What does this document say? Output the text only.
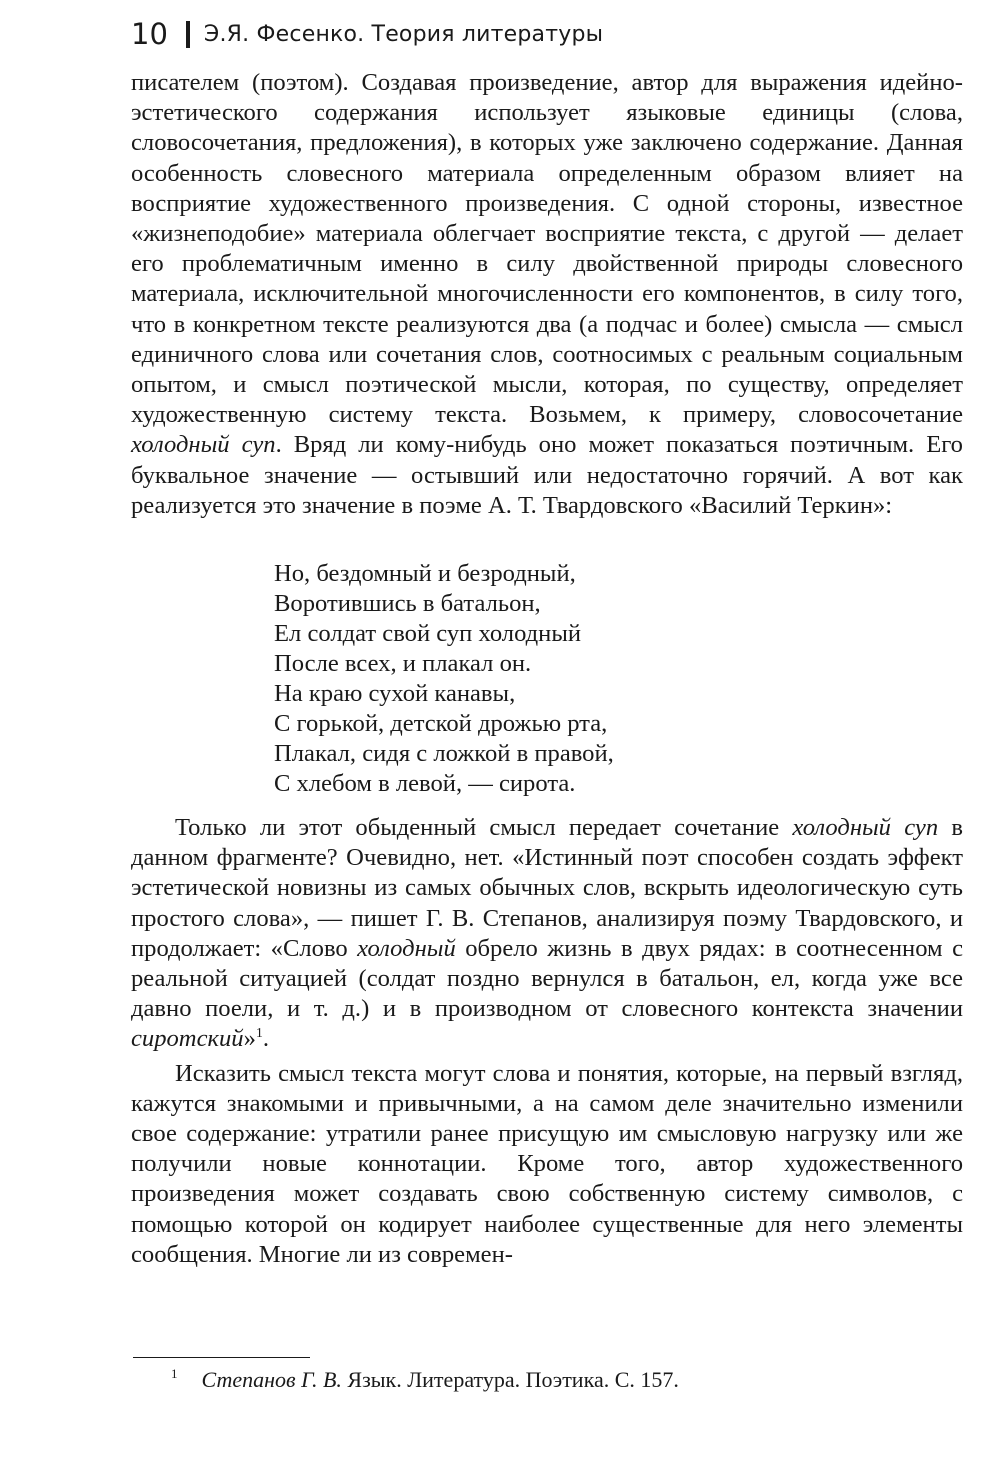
10 Э.Я. Фесенко. Теория литературы

писателем (поэтом). Создавая произведение, автор для выражения идейно-эстетического содержания использует языковые единицы (слова, словосочетания, предложения), в которых уже заключено содержание. Данная особенность словесного материала определенным образом влияет на восприятие художественного произведения. С одной стороны, известное «жизнеподобие» материала облегчает восприятие текста, с другой — делает его проблематичным именно в силу двойственной природы словесного материала, исключительной многочисленности его компонентов, в силу того, что в конкретном тексте реализуются два (а подчас и более) смысла — смысл единичного слова или сочетания слов, соотносимых с реальным социальным опытом, и смысл поэтической мысли, которая, по существу, определяет художественную систему текста. Возьмем, к примеру, словосочетание холодный суп. Вряд ли кому-нибудь оно может показаться поэтичным. Его буквальное значение — остывший или недостаточно горячий. А вот как реализуется это значение в поэме А. Т. Твардовского «Василий Теркин»:

Но, бездомный и безродный,
Воротившись в батальон,
Ел солдат свой суп холодный
После всех, и плакал он.
На краю сухой канавы,
С горькой, детской дрожью рта,
Плакал, сидя с ложкой в правой,
С хлебом в левой, — сирота.

Только ли этот обыденный смысл передает сочетание холодный суп в данном фрагменте? Очевидно, нет. «Истинный поэт способен создать эффект эстетической новизны из самых обычных слов, вскрыть идеологическую суть простого слова», — пишет Г. В. Степанов, анализируя поэму Твардовского, и продолжает: «Слово холодный обрело жизнь в двух рядах: в соотнесенном с реальной ситуацией (солдат поздно вернулся в батальон, ел, когда уже все давно поели, и т. д.) и в производном от словесного контекста значении сиротский»$^1$.

Исказить смысл текста могут слова и понятия, которые, на первый взгляд, кажутся знакомыми и привычными, а на самом деле значительно изменили свое содержание: утратили ранее присущую им смысловую нагрузку или же получили новые коннотации. Кроме того, автор художественного произведения может создавать свою собственную систему символов, с помощью которой он кодирует наиболее существенные для него элементы сообщения. Многие ли из современ-

$^1$ Степанов Г. В. Язык. Литература. Поэтика. С. 157.
